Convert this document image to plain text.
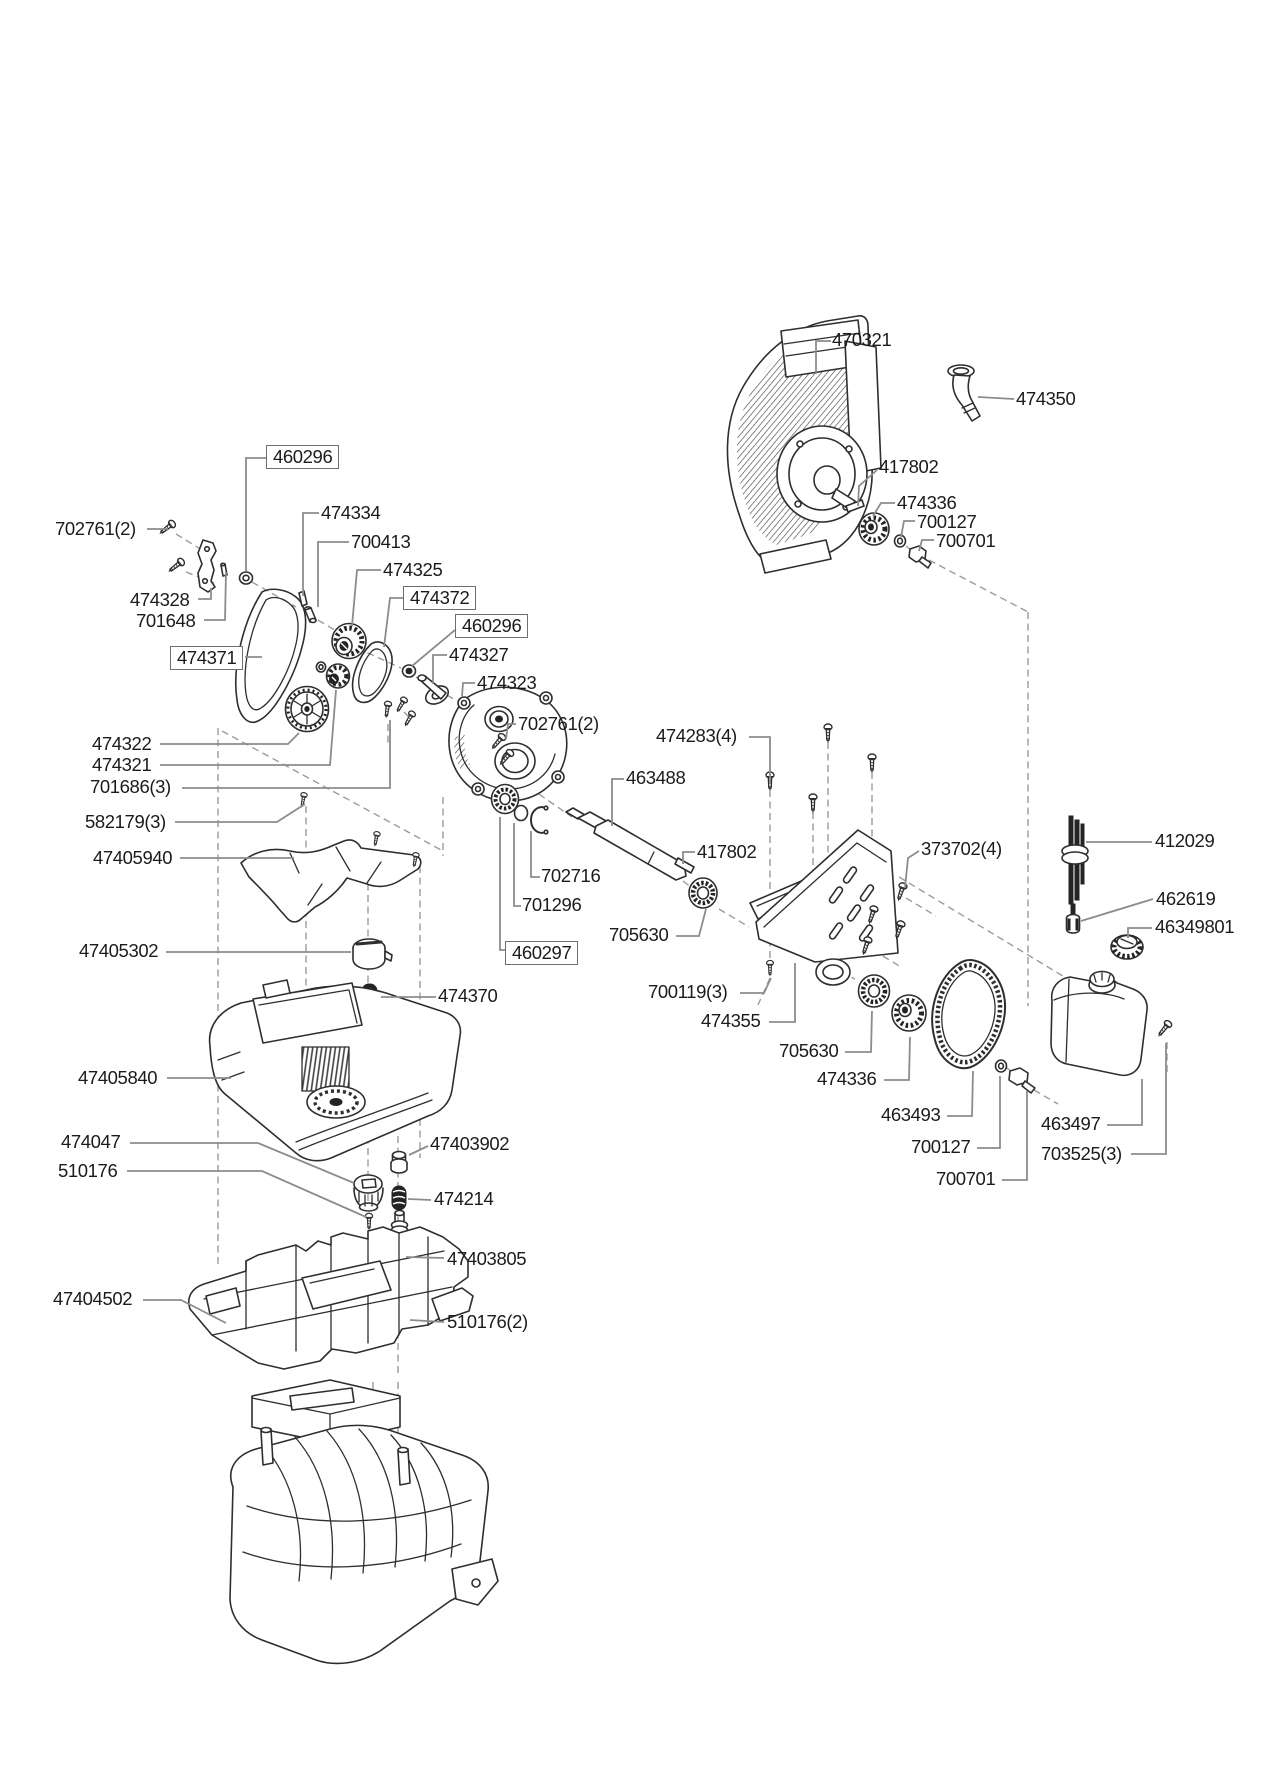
470321
474350
417802
474336
700127
700701
460296
702761(2)
474328
701648
474371
474334
700413
474325
474372
460296
474327
474323
702761(2)
474322
474321
701686(3)
582179(3)
47405940
463488
474283(4)
417802
702716
701296
460297
705630
373702(4)	412029
462619
46349801
700119(3)
474355
705630
474336
463493
700127
700701
463497
703525(3)
47405302
474370
47405840
474047
510176
47403902
474214
47403805
47404502
510176(2)
